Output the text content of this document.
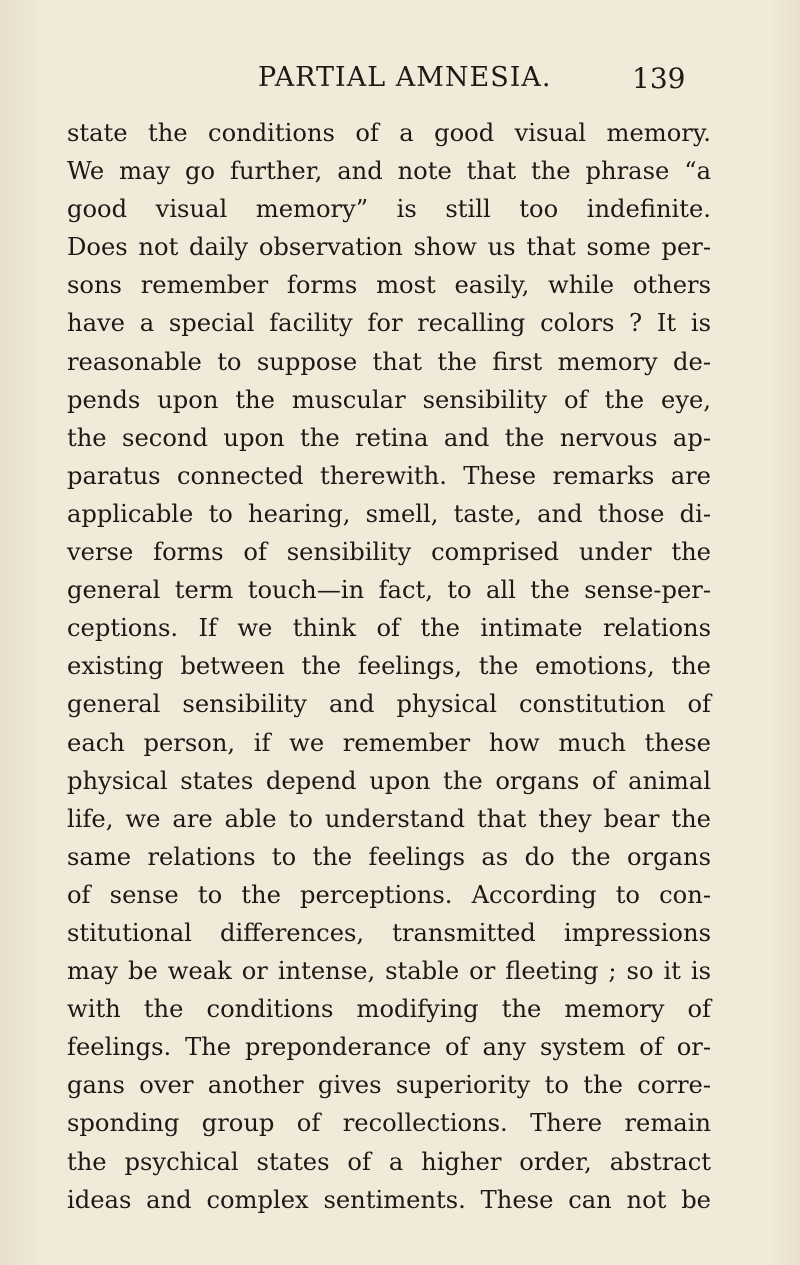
PARTIAL AMNESIA.	139
state the conditions of a good visual memory.
We may go further, and note that the phrase “a
good visual memory” is still too indefinite.
Does not daily observation show us that some per-
sons remember forms most easily, while others
have a special facility for recalling colors ? It is
reasonable to suppose that the first memory de-
pends upon the muscular sensibility of the eye,
the second upon the retina and the nervous ap-
paratus connected therewith. These remarks are
applicable to hearing, smell, taste, and those di-
verse forms of sensibility comprised under the
general term touch—in fact, to all the sense-per-
ceptions. If we think of the intimate relations
existing between the feelings, the emotions, the
general sensibility and physical constitution of
each person, if we remember how much these
physical states depend upon the organs of animal
life, we are able to understand that they bear the
same relations to the feelings as do the organs
of sense to the perceptions. According to con-
stitutional differences, transmitted impressions
may be weak or intense, stable or fleeting ; so it is
with the conditions modifying the memory of
feelings. The preponderance of any system of or-
gans over another gives superiority to the corre-
sponding group of recollections. There remain
the psychical states of a higher order, abstract
ideas and complex sentiments. These can not be
